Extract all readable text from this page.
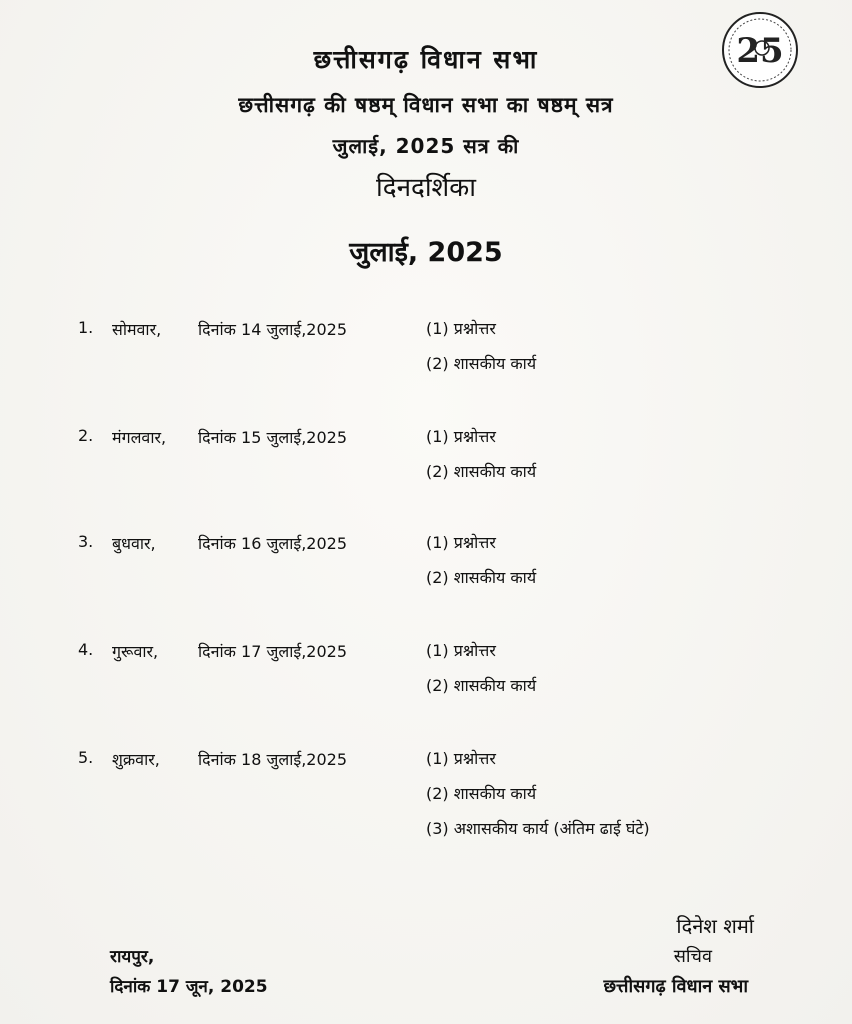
25
छत्तीसगढ़ विधान सभा
छत्तीसगढ़ की षष्ठम् विधान सभा का षष्ठम् सत्र
जुलाई, 2025 सत्र की
दिनदर्शिका
जुलाई, 2025
1. सोमवार, दिनांक 14 जुलाई,2025	(1) प्रश्नोत्तर
(2) शासकीय कार्य
2. मंगलवार, दिनांक 15 जुलाई,2025	(1) प्रश्नोत्तर
(2) शासकीय कार्य
3. बुधवार,	दिनांक 16 जुलाई,2025	(1) प्रश्नोत्तर
(2) शासकीय कार्य
4. गुरूवार, दिनांक 17 जुलाई,2025	(1) प्रश्नोत्तर
(2) शासकीय कार्य
5. शुक्रवार, दिनांक 18 जुलाई,2025	(1) प्रश्नोत्तर
(2) शासकीय कार्य
(3) अशासकीय कार्य (अंतिम ढाई घंटे)
रायपुर,
दिनांक 17 जून, 2025
दिनेश शर्मा
सचिव
छत्तीसगढ़ विधान सभा
